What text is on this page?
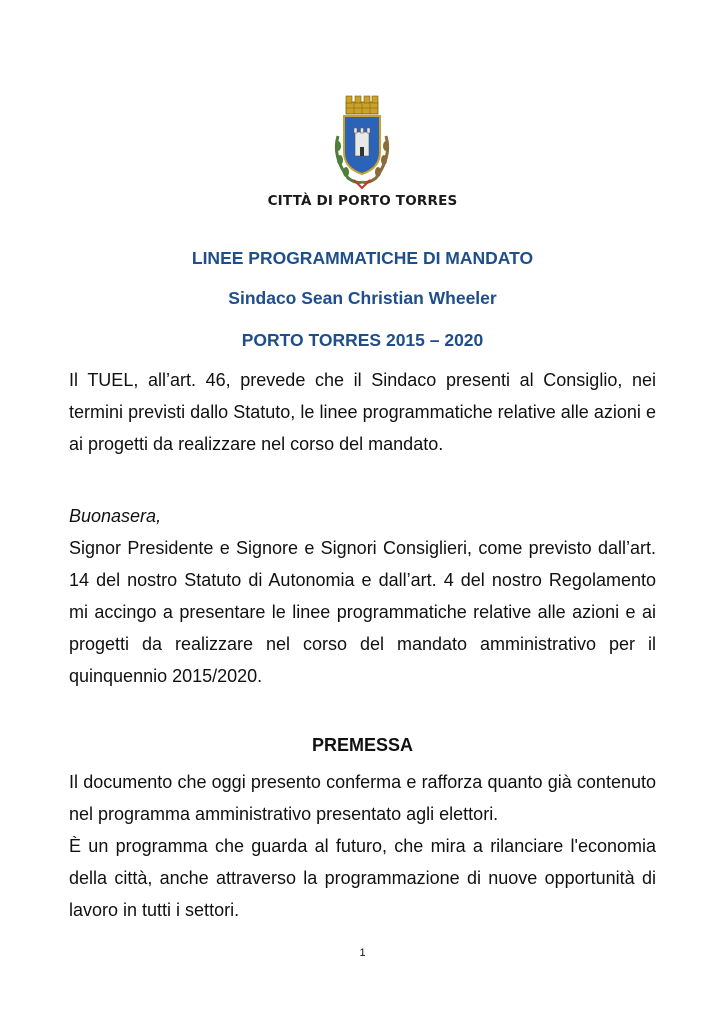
CITTÀ DI PORTO TORRES
LINEE PROGRAMMATICHE DI MANDATO
Sindaco Sean Christian Wheeler
PORTO TORRES 2015 – 2020
Il TUEL, all’art. 46, prevede che il Sindaco presenti al Consiglio, nei termini previsti dallo Statuto, le linee programmatiche relative alle azioni e ai progetti da realizzare nel corso del mandato.
Buonasera,
Signor Presidente e Signore e Signori Consiglieri, come previsto dall’art. 14 del nostro Statuto di Autonomia e dall’art. 4 del nostro Regolamento mi accingo a presentare le linee programmatiche relative alle azioni e ai progetti da realizzare nel corso del mandato amministrativo per il quinquennio 2015/2020.
PREMESSA

Il documento che oggi presento conferma e rafforza quanto già contenuto nel programma amministrativo presentato agli elettori.

È un programma che guarda al futuro, che mira a rilanciare l'economia della città, anche attraverso la programmazione di nuove opportunità di lavoro in tutti i settori.

1
